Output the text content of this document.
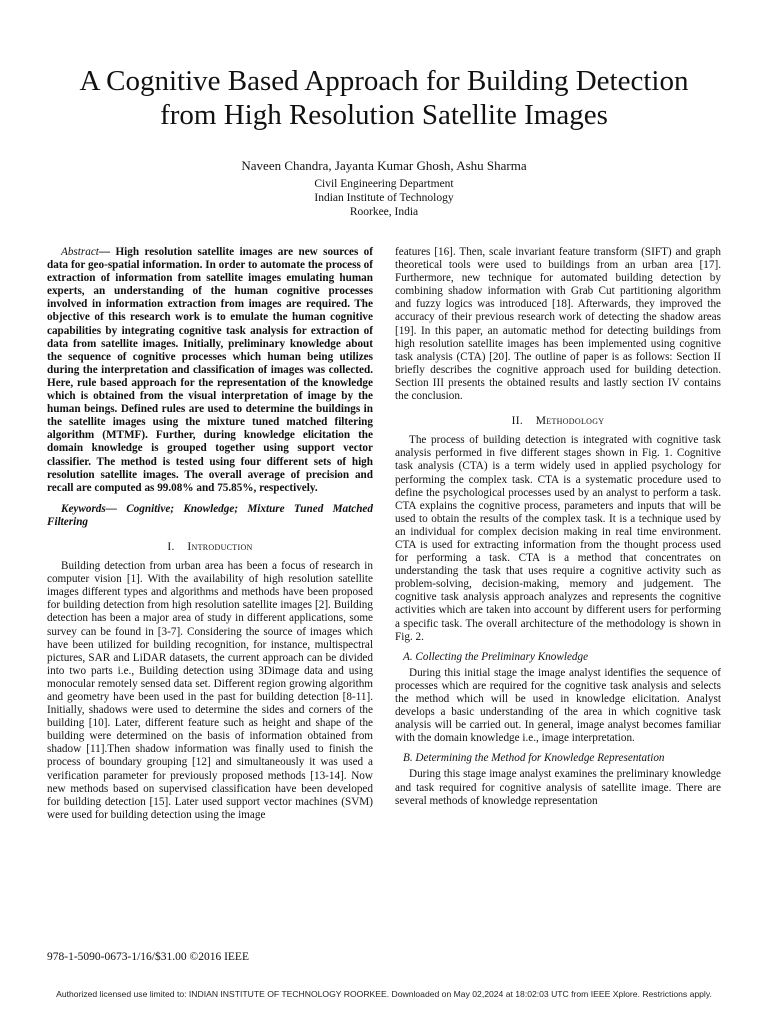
A Cognitive Based Approach for Building Detection
from High Resolution Satellite Images
Naveen Chandra, Jayanta Kumar Ghosh, Ashu Sharma
Civil Engineering Department
Indian Institute of Technology
Roorkee, India

Abstract— High resolution satellite images are new sources of data for geo-spatial information. In order to automate the process of extraction of information from satellite images emulating human experts, an understanding of the human cognitive processes involved in information extraction from images are required. The objective of this research work is to emulate the human cognitive capabilities by integrating cognitive task analysis for extraction of data from satellite images. Initially, preliminary knowledge about the sequence of cognitive processes which human being utilizes during the interpretation and classification of images was collected. Here, rule based approach for the representation of the knowledge which is obtained from the visual interpretation of image by the human beings. Defined rules are used to determine the buildings in the satellite images using the mixture tuned matched filtering algorithm (MTMF). Further, during knowledge elicitation the domain knowledge is grouped together using support vector classifier. The method is tested using four different sets of high resolution satellite images. The overall average of precision and recall are computed as 99.08% and 75.85%, respectively.

Keywords— Cognitive; Knowledge; Mixture Tuned Matched Filtering

I. Introduction

Building detection from urban area has been a focus of research in computer vision [1]. With the availability of high resolution satellite images different types and algorithms and methods have been proposed for building detection from high resolution satellite images [2]. Building detection has been a major area of study in different applications, some survey can be found in [3-7]. Considering the source of images which have been utilized for building recognition, for instance, multispectral pictures, SAR and LiDAR datasets, the current approach can be divided into two parts i.e., Building detection using 3Dimage data and using monocular remotely sensed data set. Different region growing algorithm and geometry have been used in the past for building detection [8-11]. Initially, shadows were used to determine the sides and corners of the building [10]. Later, different feature such as height and shape of the building were determined on the basis of information obtained from shadow [11].Then shadow information was finally used to finish the process of boundary grouping [12] and simultaneously it was used a verification parameter for previously proposed methods [13-14]. Now new methods based on supervised classification have been developed for building detection [15]. Later used support vector machines (SVM) were used for building detection using the image

features [16]. Then, scale invariant feature transform (SIFT) and graph theoretical tools were used to buildings from an urban area [17]. Furthermore, new technique for automated building detection by combining shadow information with Grab Cut partitioning algorithm and fuzzy logics was introduced [18]. Afterwards, they improved the accuracy of their previous research work of detecting the shadow areas [19]. In this paper, an automatic method for detecting buildings from high resolution satellite images has been implemented using cognitive task analysis (CTA) [20]. The outline of paper is as follows: Section II briefly describes the cognitive approach used for building detection. Section III presents the obtained results and lastly section IV contains the conclusion.

II. Methodology

The process of building detection is integrated with cognitive task analysis performed in five different stages shown in Fig. 1. Cognitive task analysis (CTA) is a term widely used in applied psychology for performing the complex task. CTA is a systematic procedure used to define the psychological processes used by an analyst to perform a task. CTA explains the cognitive process, parameters and inputs that will be used to obtain the results of the complex task. It is a technique used by an individual for complex decision making in real time environment. CTA is used for extracting information from the thought process used for performing a task. CTA is a method that concentrates on understanding the task that uses require a cognitive activity such as problem-solving, decision-making, memory and judgement. The cognitive task analysis approach analyzes and represents the cognitive activities which are taken into account by different users for performing a specific task. The overall architecture of the methodology is shown in Fig. 2.

A. Collecting the Preliminary Knowledge

During this initial stage the image analyst identifies the sequence of processes which are required for the cognitive task analysis and selects the method which will be used in knowledge elicitation. Analyst develops a basic understanding of the area in which cognitive task analysis will be carried out. In general, image analyst becomes familiar with the domain knowledge i.e., image interpretation.

B. Determining the Method for Knowledge Representation

During this stage image analyst examines the preliminary knowledge and task required for cognitive analysis of satellite image. There are several methods of knowledge representation

978-1-5090-0673-1/16/$31.00 ©2016 IEEE
Authorized licensed use limited to: INDIAN INSTITUTE OF TECHNOLOGY ROORKEE. Downloaded on May 02,2024 at 18:02:03 UTC from IEEE Xplore. Restrictions apply.
